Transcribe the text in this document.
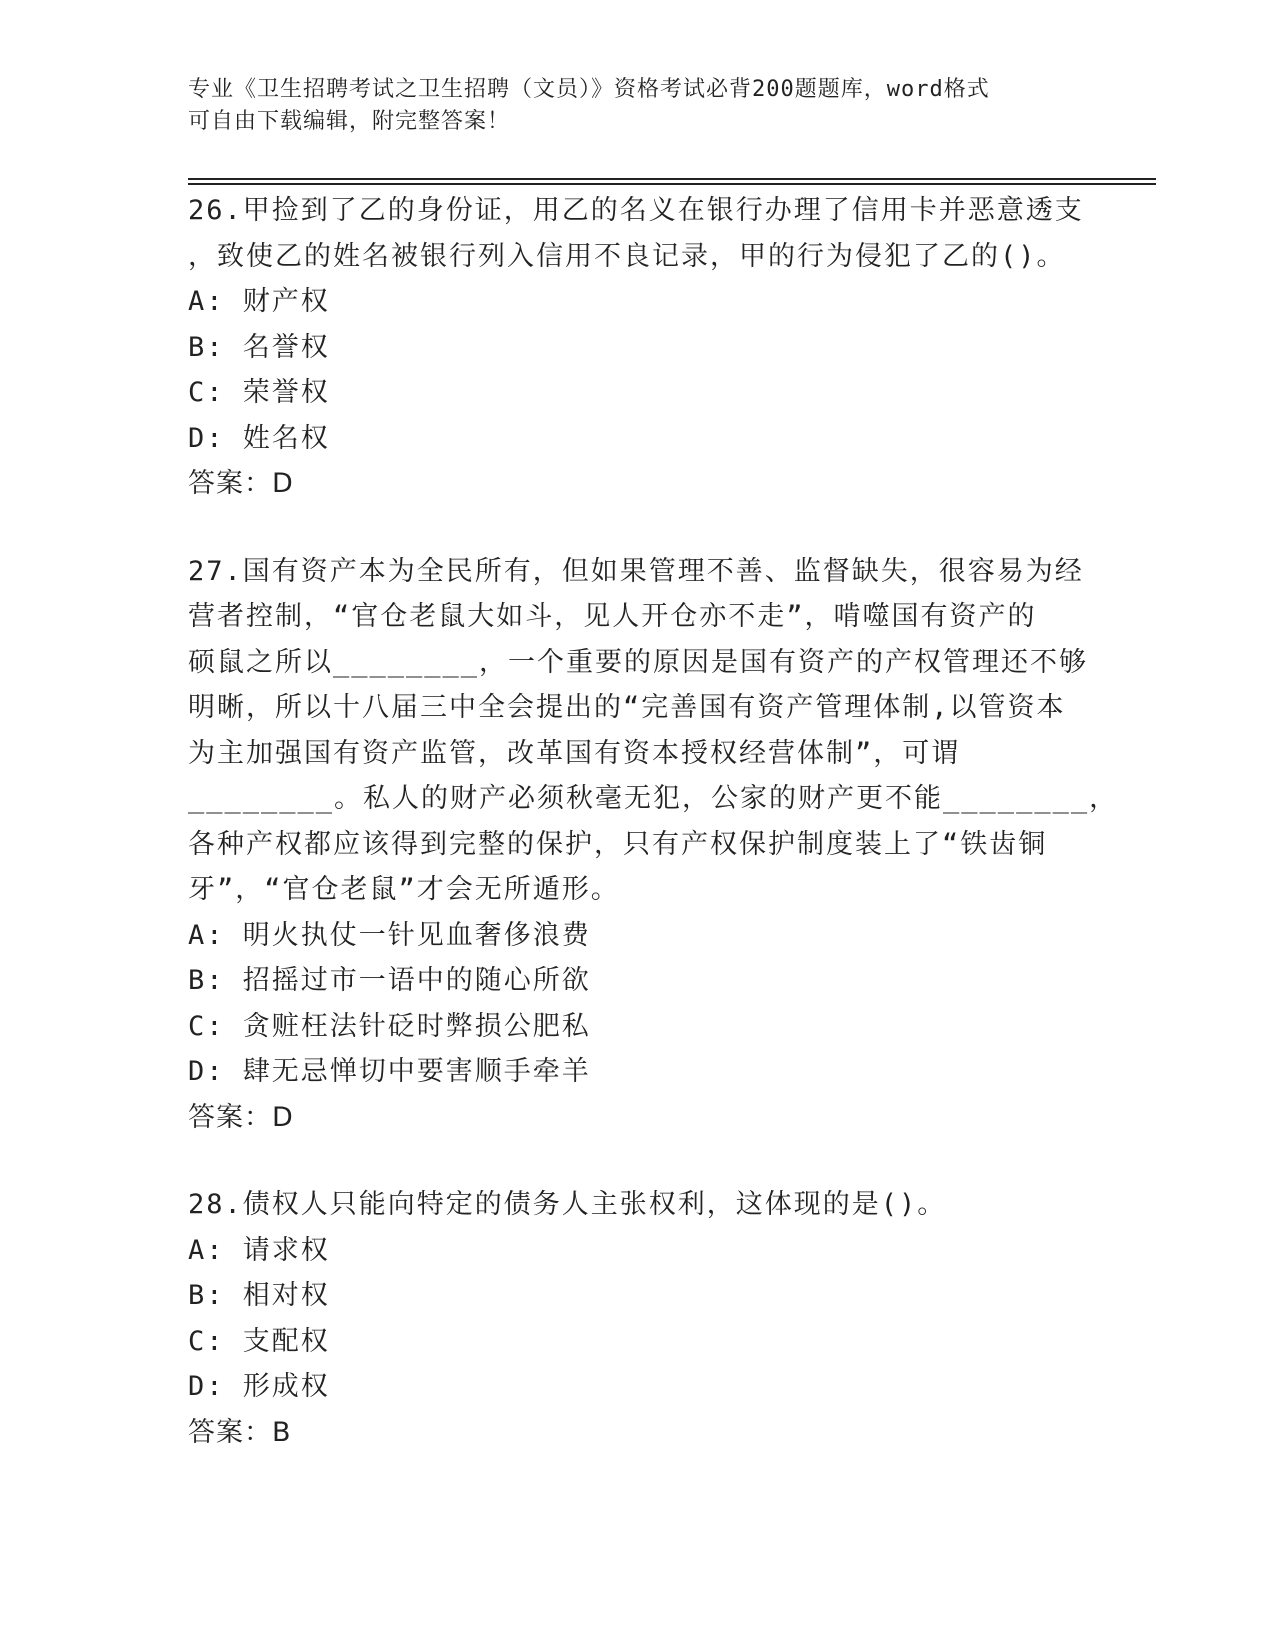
专业《卫生招聘考试之卫生招聘（文员）》资格考试必背200题题库，word格式
可自由下载编辑，附完整答案！
26.甲捡到了乙的身份证，用乙的名义在银行办理了信用卡并恶意透支
，致使乙的姓名被银行列入信用不良记录，甲的行为侵犯了乙的()。
A: 财产权
B: 名誉权
C: 荣誉权
D: 姓名权
答案：D
27.国有资产本为全民所有，但如果管理不善、监督缺失，很容易为经
营者控制，“官仓老鼠大如斗，见人开仓亦不走”，啃噬国有资产的
硕鼠之所以________，一个重要的原因是国有资产的产权管理还不够
明晰，所以十八届三中全会提出的“完善国有资产管理体制,以管资本
为主加强国有资产监管，改革国有资本授权经营体制”，可谓
________。私人的财产必须秋毫无犯，公家的财产更不能________，
各种产权都应该得到完整的保护，只有产权保护制度装上了“铁齿铜
牙”，“官仓老鼠”才会无所遁形。
A: 明火执仗一针见血奢侈浪费
B: 招摇过市一语中的随心所欲
C: 贪赃枉法针砭时弊损公肥私
D: 肆无忌惮切中要害顺手牵羊
答案：D
28.债权人只能向特定的债务人主张权利，这体现的是()。
A: 请求权
B: 相对权
C: 支配权
D: 形成权
答案：B
